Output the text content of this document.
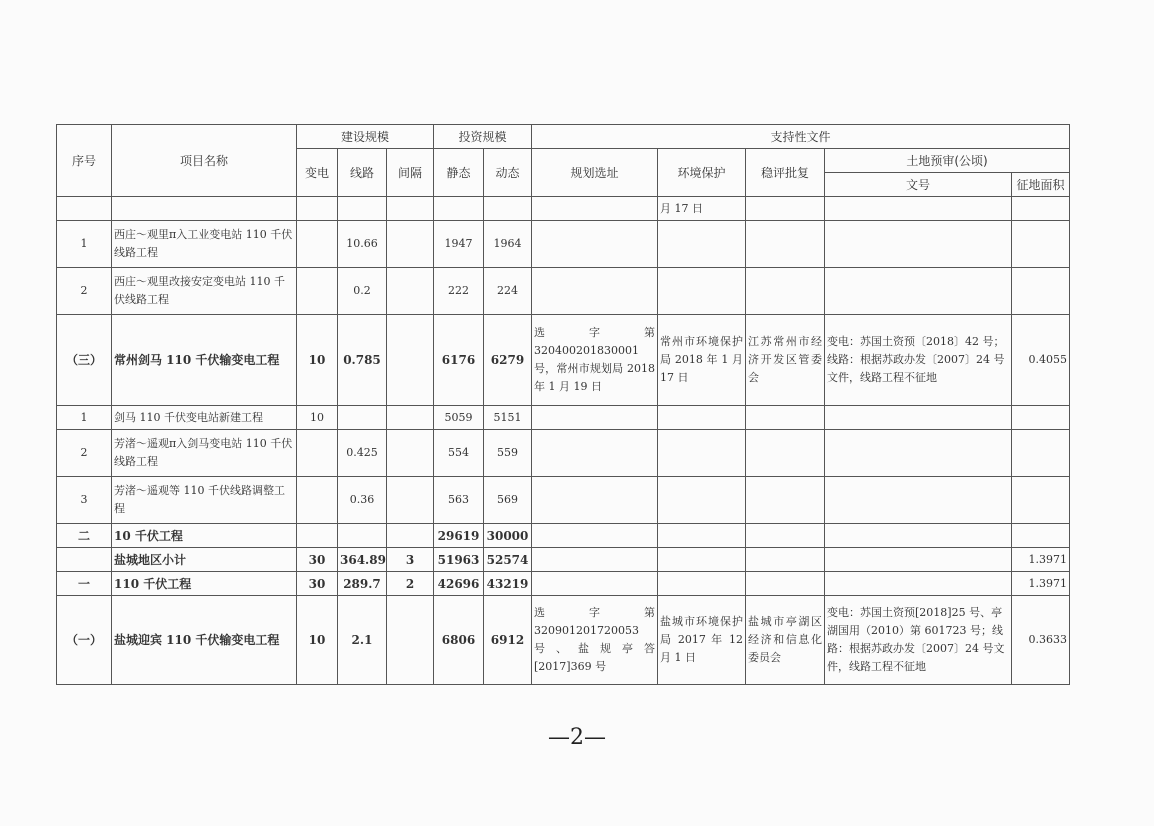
序号	项目名称	建设规模			投资规模		支持性文件				
		变电	线路	间隔	静态	动态	规划选址	环境保护	稳评批复	土地预审(公顷)	
										文号	征地面积
								月 17 日			
1	西庄～观里π入工业变电站 110 千伏线路工程		10.66		1947	1964					
2	西庄～观里改接安定变电站 110 千伏线路工程		0.2		222	224					
（三）	常州剑马 110 千伏输变电工程	10	0.785		6176	6279	选字第 320400201830001 号，常州市规划局 2018 年 1 月 19 日	常州市环境保护局 2018 年 1 月 17 日	江苏常州市经济开发区管委会	变电：苏国土资预〔2018〕42 号；线路：根据苏政办发〔2007〕24 号文件，线路工程不征地	0.4055
1	剑马 110 千伏变电站新建工程	10			5059	5151					
2	芳渚～遥观π入剑马变电站 110 千伏线路工程		0.425		554	559					
3	芳渚～遥观等 110 千伏线路调整工程		0.36		563	569					
二	10 千伏工程				29619	30000					
	盐城地区小计	30	364.89	3	51963	52574					1.3971
一	110 千伏工程	30	289.7	2	42696	43219					1.3971
（一）	盐城迎宾 110 千伏输变电工程	10	2.1		6806	6912	选字第 320901201720053 号、盐规亭答[2017]369 号	盐城市环境保护局 2017 年 12 月 1 日	盐城市亭湖区经济和信息化委员会	变电：苏国土资预[2018]25 号、亭湖国用（2010）第 601723 号；线路：根据苏政办发〔2007〕24 号文件，线路工程不征地	0.3633
—2—
